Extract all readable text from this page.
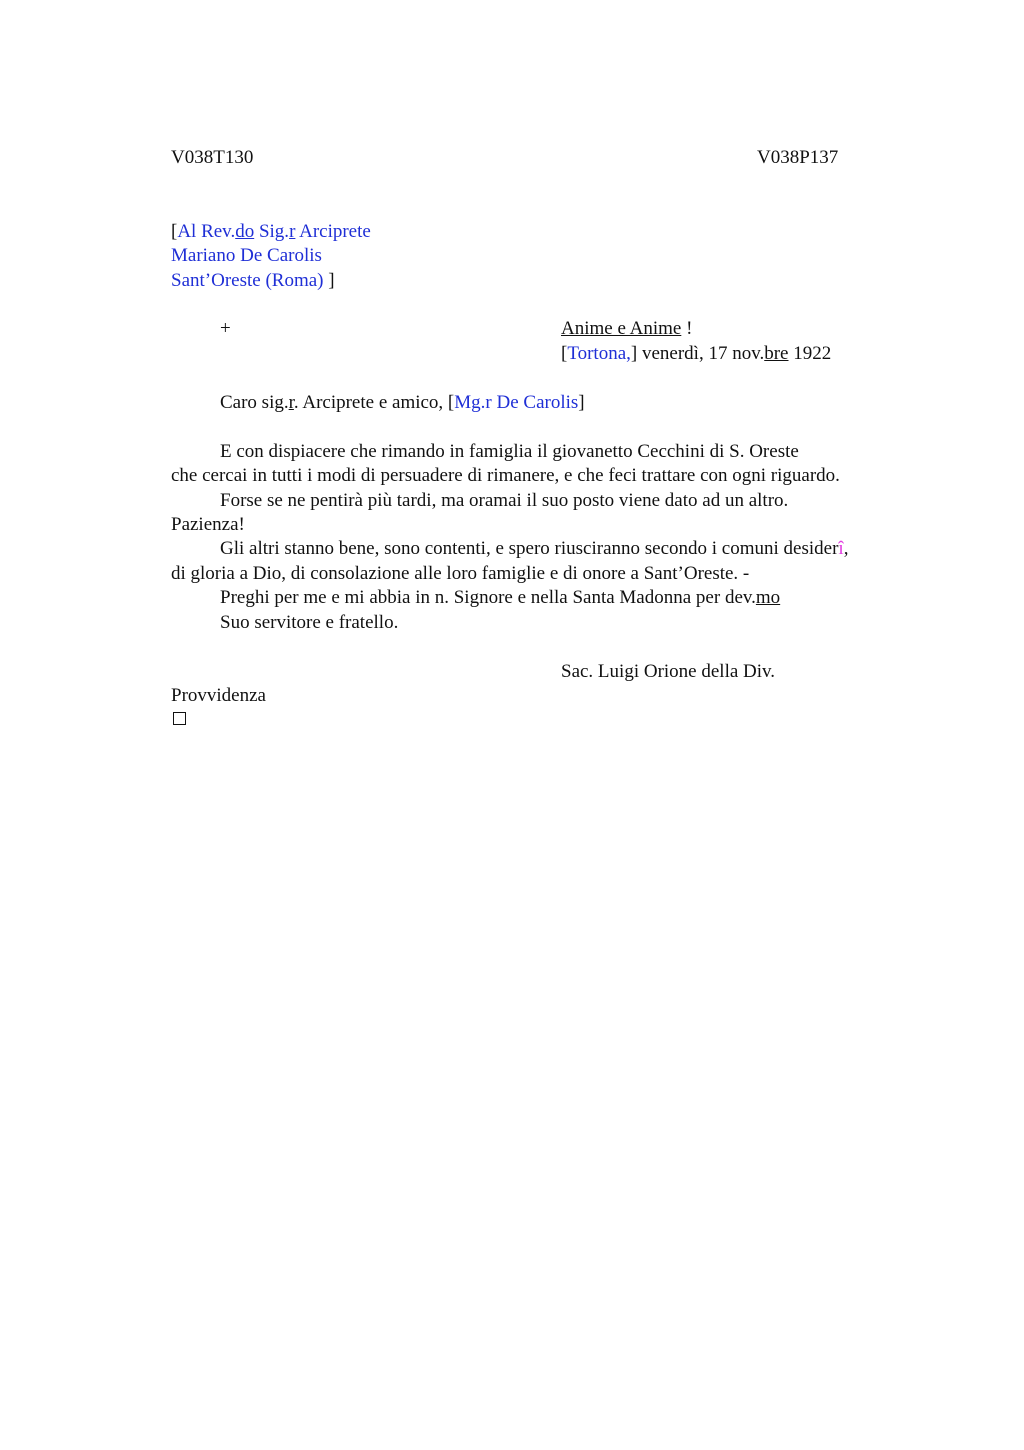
V038T130	V038P137
[Al Rev.do Sig.r Arciprete
Mariano De Carolis
Sant’Oreste (Roma) ]
+	Anime e Anime !
[Tortona,] venerdì, 17 nov.bre 1922
Caro sig.r. Arciprete e amico, [Mg.r De Carolis]
E con dispiacere che rimando in famiglia il giovanetto Cecchini di S. Oreste
che cercai in tutti i modi di persuadere di rimanere, e che feci trattare con ogni riguardo.
Forse se ne pentirà più tardi, ma oramai il suo posto viene dato ad un altro.
Pazienza!
Gli altri stanno bene, sono contenti, e spero riusciranno secondo i comuni desiderî,
di gloria a Dio, di consolazione alle loro famiglie e di onore a Sant’Oreste. -
Preghi per me e mi abbia in n. Signore e nella Santa Madonna per dev.mo
Suo servitore e fratello.
Sac. Luigi Orione della Div.
Provvidenza
